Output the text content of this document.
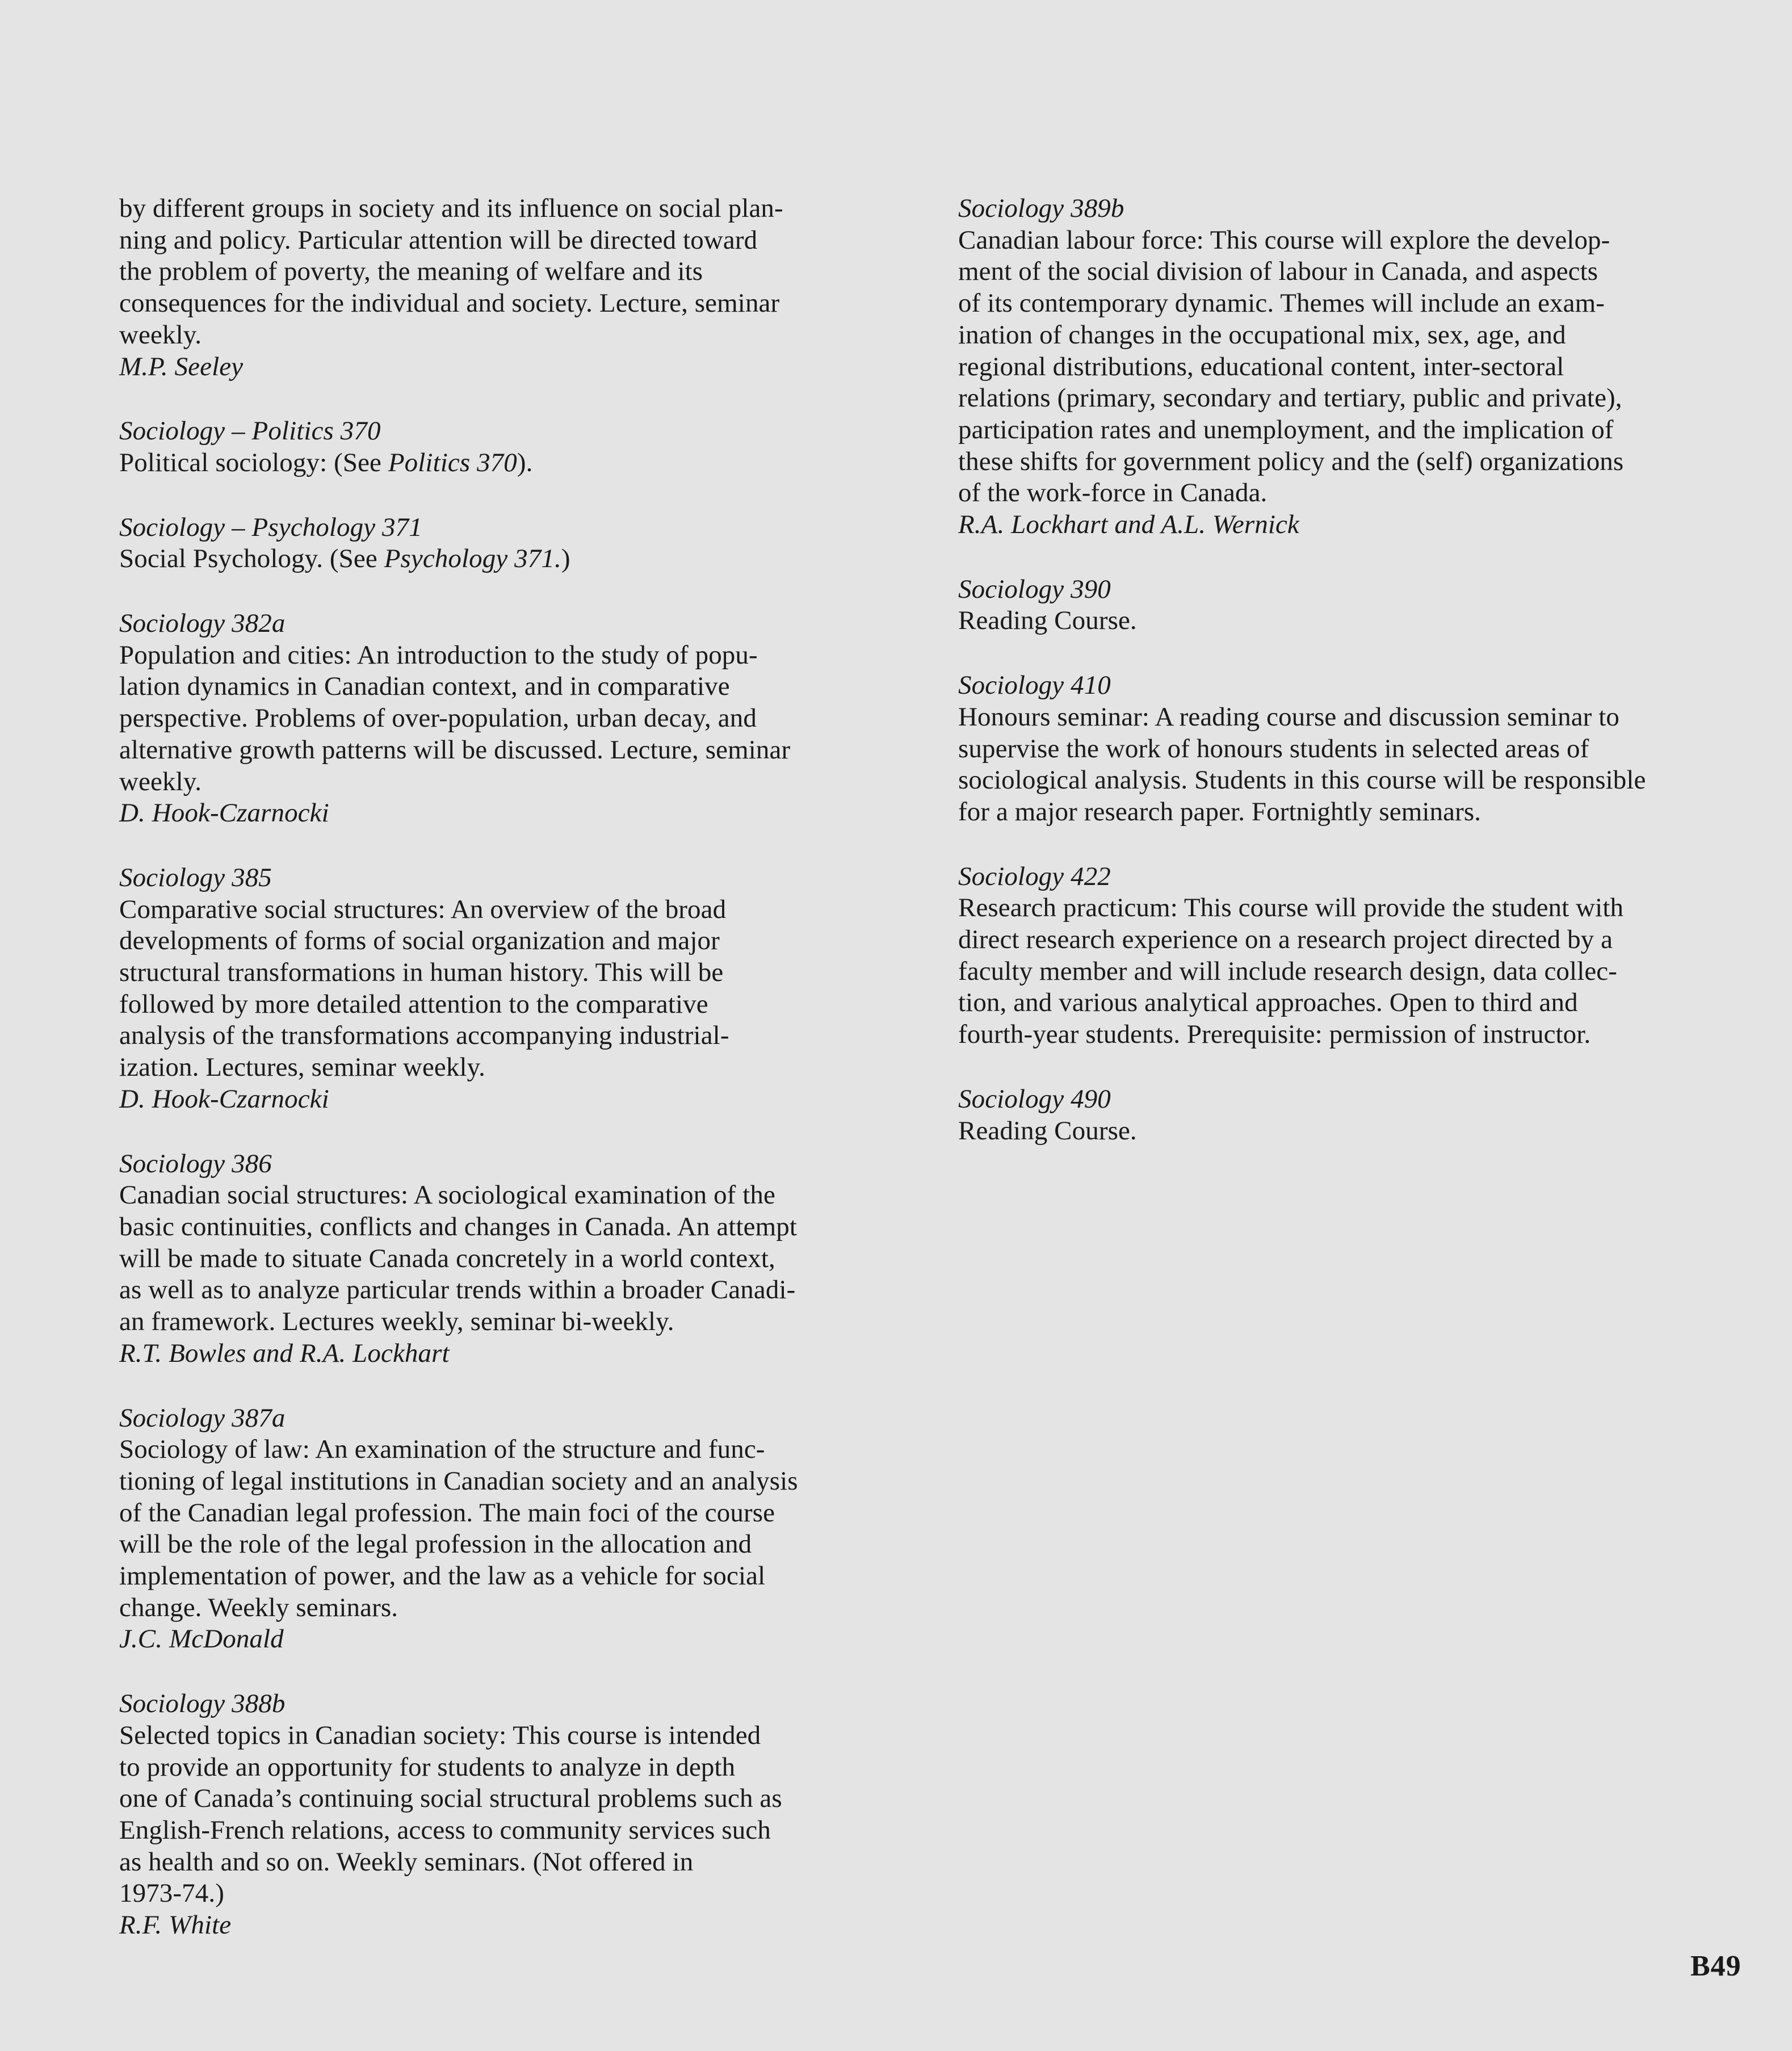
by different groups in society and its influence on social plan-
ning and policy. Particular attention will be directed toward
the problem of poverty, the meaning of welfare and its
consequences for the individual and society. Lecture, seminar
weekly.
M.P. Seeley
Sociology – Politics 370
Political sociology: (See Politics 370).
Sociology – Psychology 371
Social Psychology. (See Psychology 371.)
Sociology 382a
Population and cities: An introduction to the study of popu-
lation dynamics in Canadian context, and in comparative
perspective. Problems of over-population, urban decay, and
alternative growth patterns will be discussed. Lecture, seminar
weekly.
D. Hook-Czarnocki
Sociology 385
Comparative social structures: An overview of the broad
developments of forms of social organization and major
structural transformations in human history. This will be
followed by more detailed attention to the comparative
analysis of the transformations accompanying industrial-
ization. Lectures, seminar weekly.
D. Hook-Czarnocki
Sociology 386
Canadian social structures: A sociological examination of the
basic continuities, conflicts and changes in Canada. An attempt
will be made to situate Canada concretely in a world context,
as well as to analyze particular trends within a broader Canadi-
an framework. Lectures weekly, seminar bi-weekly.
R.T. Bowles and R.A. Lockhart
Sociology 387a
Sociology of law: An examination of the structure and func-
tioning of legal institutions in Canadian society and an analysis
of the Canadian legal profession. The main foci of the course
will be the role of the legal profession in the allocation and
implementation of power, and the law as a vehicle for social
change. Weekly seminars.
J.C. McDonald
Sociology 388b
Selected topics in Canadian society: This course is intended
to provide an opportunity for students to analyze in depth
one of Canada’s continuing social structural problems such as
English-French relations, access to community services such
as health and so on. Weekly seminars. (Not offered in
1973-74.)
R.F. White
Sociology 389b
Canadian labour force: This course will explore the develop-
ment of the social division of labour in Canada, and aspects
of its contemporary dynamic. Themes will include an exam-
ination of changes in the occupational mix, sex, age, and
regional distributions, educational content, inter-sectoral
relations (primary, secondary and tertiary, public and private),
participation rates and unemployment, and the implication of
these shifts for government policy and the (self) organizations
of the work-force in Canada.
R.A. Lockhart and A.L. Wernick
Sociology 390
Reading Course.
Sociology 410
Honours seminar: A reading course and discussion seminar to
supervise the work of honours students in selected areas of
sociological analysis. Students in this course will be responsible
for a major research paper. Fortnightly seminars.
Sociology 422
Research practicum: This course will provide the student with
direct research experience on a research project directed by a
faculty member and will include research design, data collec-
tion, and various analytical approaches. Open to third and
fourth-year students. Prerequisite: permission of instructor.
Sociology 490
Reading Course.
B49
